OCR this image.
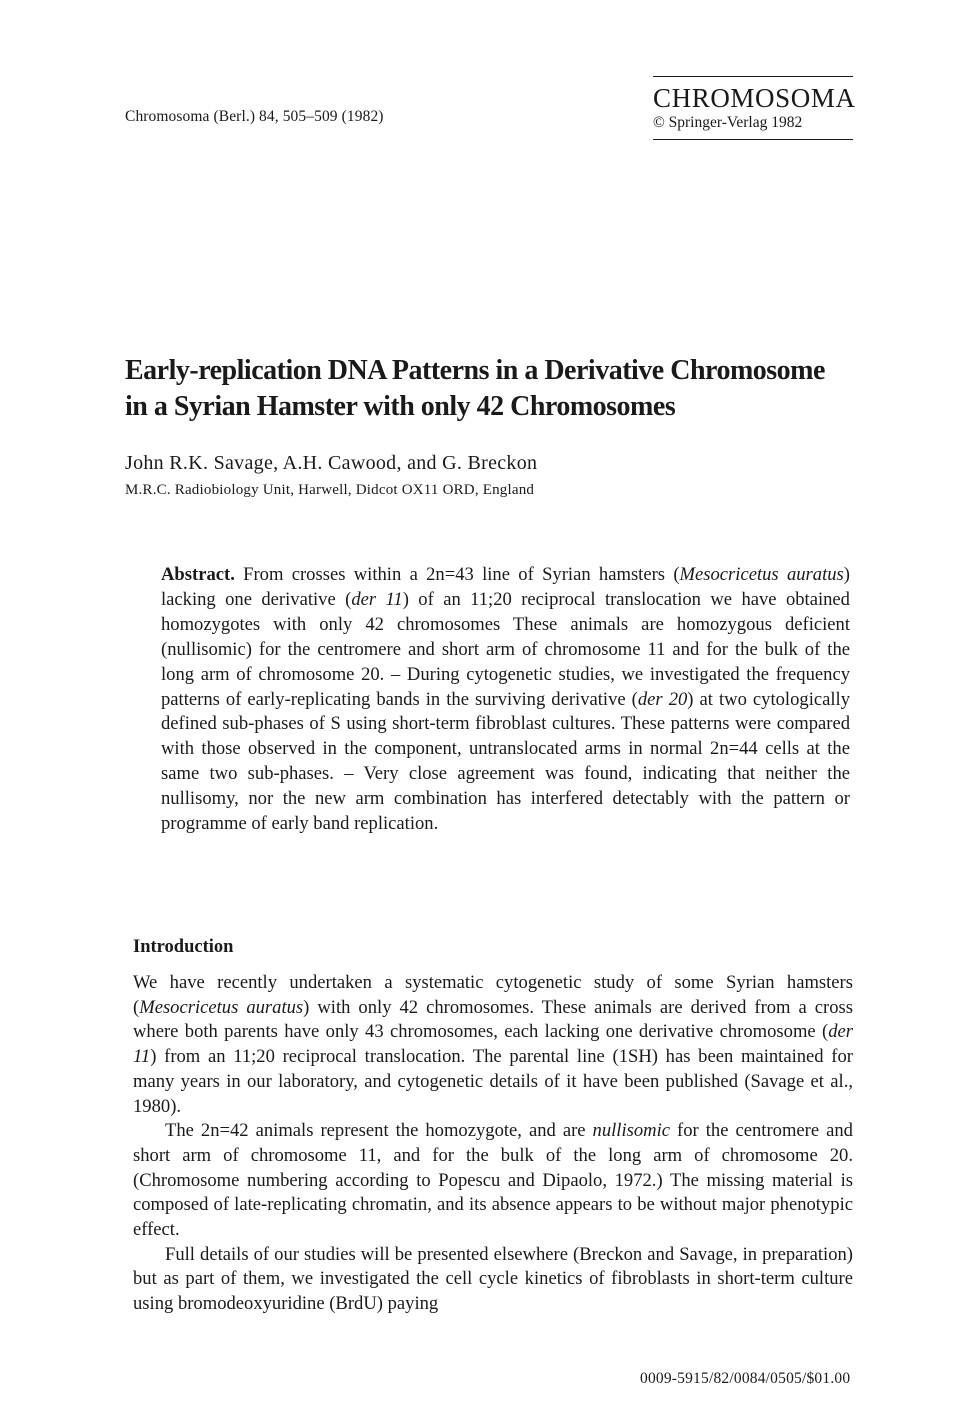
Chromosoma (Berl.) 84, 505–509 (1982)
CHROMOSOMA
© Springer-Verlag 1982
Early-replication DNA Patterns in a Derivative Chromosome
in a Syrian Hamster with only 42 Chromosomes
John R.K. Savage, A.H. Cawood, and G. Breckon
M.R.C. Radiobiology Unit, Harwell, Didcot OX11 ORD, England

Abstract. From crosses within a 2n=43 line of Syrian hamsters (Mesocricetus auratus) lacking one derivative (der 11) of an 11;20 reciprocal translocation we have obtained homozygotes with only 42 chromosomes These animals are homozygous deficient (nullisomic) for the centromere and short arm of chromosome 11 and for the bulk of the long arm of chromosome 20. – During cytogenetic studies, we investigated the frequency patterns of early-replicating bands in the surviving derivative (der 20) at two cytologically defined sub-phases of S using short-term fibroblast cultures. These patterns were compared with those observed in the component, untranslocated arms in normal 2n=44 cells at the same two sub-phases. – Very close agreement was found, indicating that neither the nullisomy, nor the new arm combination has interfered detectably with the pattern or programme of early band replication.

Introduction

We have recently undertaken a systematic cytogenetic study of some Syrian hamsters (Mesocricetus auratus) with only 42 chromosomes. These animals are derived from a cross where both parents have only 43 chromosomes, each lacking one derivative chromosome (der 11) from an 11;20 reciprocal translocation. The parental line (1SH) has been maintained for many years in our laboratory, and cytogenetic details of it have been published (Savage et al., 1980).

The 2n=42 animals represent the homozygote, and are nullisomic for the centromere and short arm of chromosome 11, and for the bulk of the long arm of chromosome 20. (Chromosome numbering according to Popescu and Dipaolo, 1972.) The missing material is composed of late-replicating chromatin, and its absence appears to be without major phenotypic effect.

Full details of our studies will be presented elsewhere (Breckon and Savage, in preparation) but as part of them, we investigated the cell cycle kinetics of fibroblasts in short-term culture using bromodeoxyuridine (BrdU) paying

0009-5915/82/0084/0505/$01.00
